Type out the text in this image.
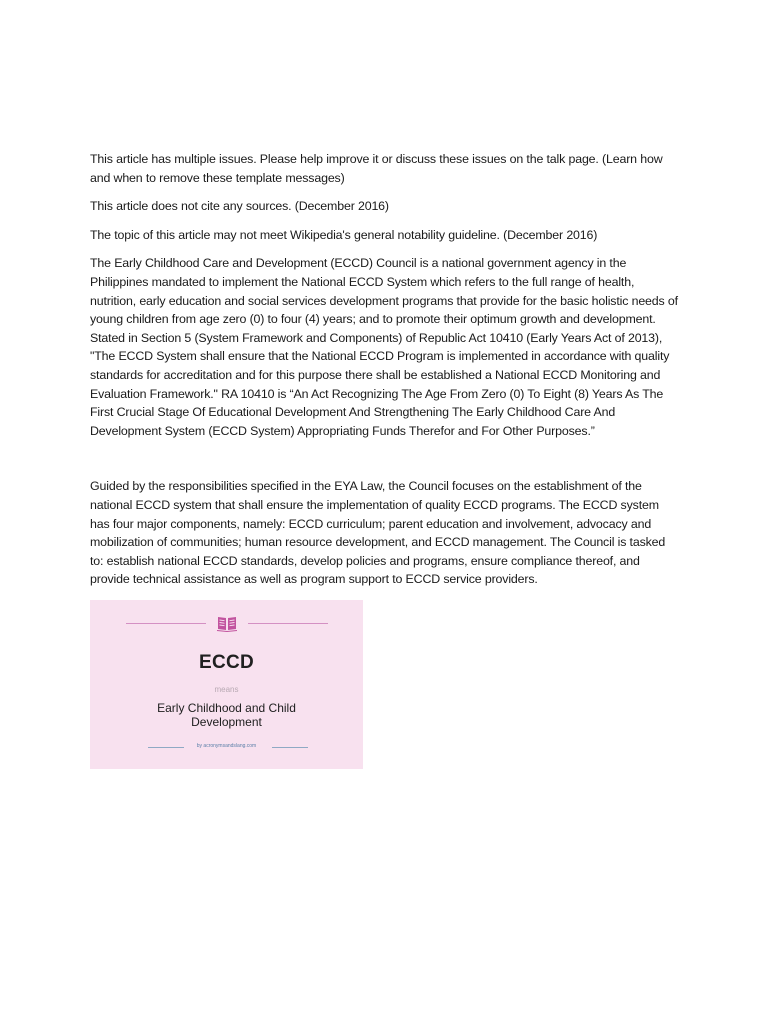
This article has multiple issues. Please help improve it or discuss these issues on the talk page. (Learn how and when to remove these template messages)

This article does not cite any sources. (December 2016)

The topic of this article may not meet Wikipedia's general notability guideline. (December 2016)

The Early Childhood Care and Development (ECCD) Council is a national government agency in the Philippines mandated to implement the National ECCD System which refers to the full range of health, nutrition, early education and social services development programs that provide for the basic holistic needs of young children from age zero (0) to four (4) years; and to promote their optimum growth and development. Stated in Section 5 (System Framework and Components) of Republic Act 10410 (Early Years Act of 2013), "The ECCD System shall ensure that the National ECCD Program is implemented in accordance with quality standards for accreditation and for this purpose there shall be established a National ECCD Monitoring and Evaluation Framework." RA 10410 is “An Act Recognizing The Age From Zero (0) To Eight (8) Years As The First Crucial Stage Of Educational Development And Strengthening The Early Childhood Care And Development System (ECCD System) Appropriating Funds Therefor and For Other Purposes.”

Guided by the responsibilities specified in the EYA Law, the Council focuses on the establishment of the national ECCD system that shall ensure the implementation of quality ECCD programs. The ECCD system has four major components, namely: ECCD curriculum; parent education and involvement, advocacy and mobilization of communities; human resource development, and ECCD management. The Council is tasked to: establish national ECCD standards, develop policies and programs, ensure compliance thereof, and provide technical assistance as well as program support to ECCD service providers.

ECCD
means
Early Childhood and Child Development
by acronymsandslang.com
